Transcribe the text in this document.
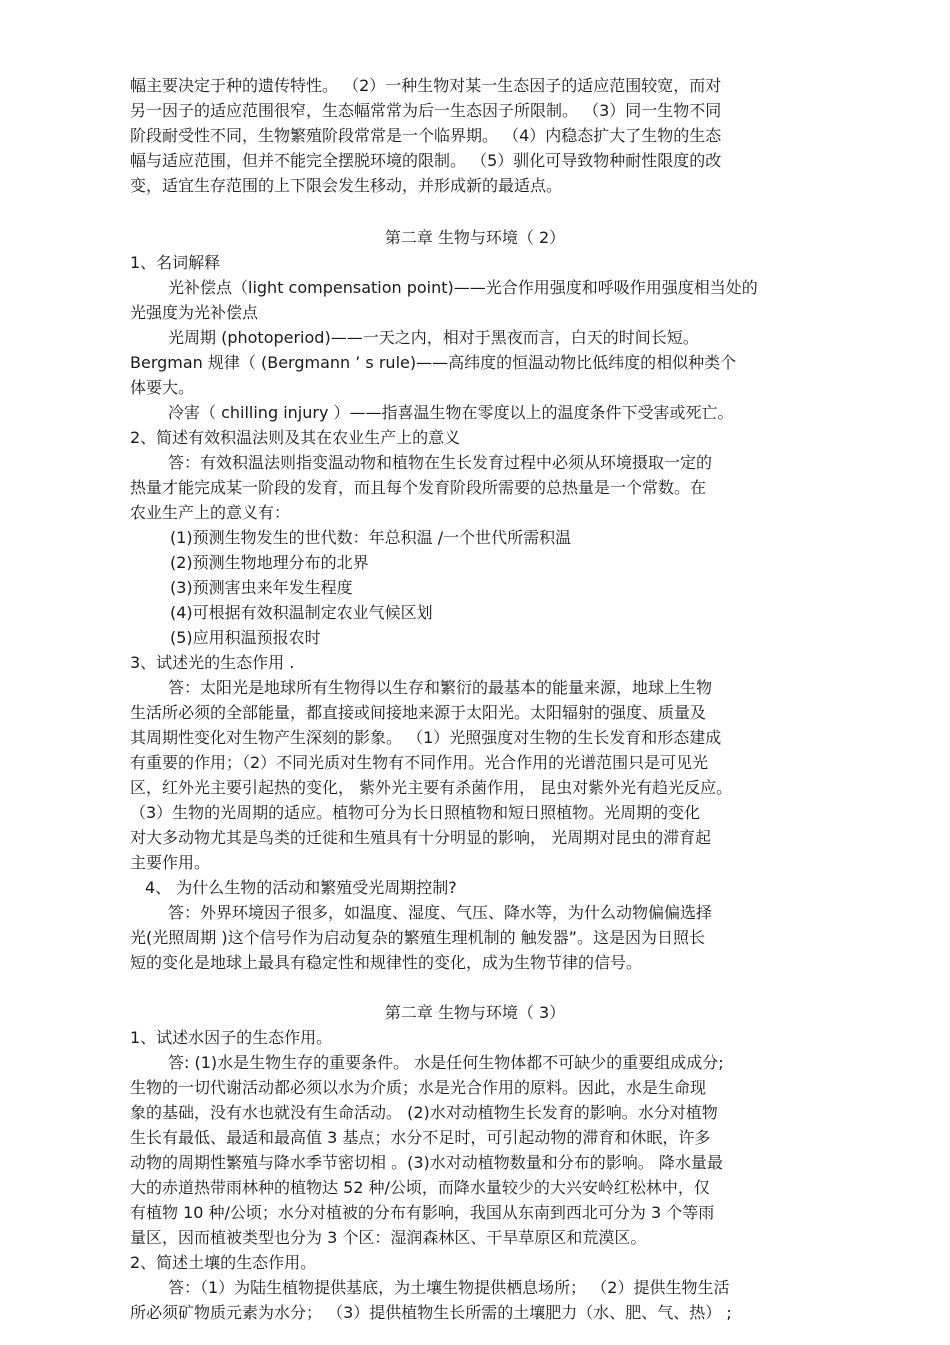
幅主要决定于种的遗传特性。 （2）一种生物对某一生态因子的适应范围较宽，而对
另一因子的适应范围很窄，生态幅常常为后一生态因子所限制。 （3）同一生物不同
阶段耐受性不同，生物繁殖阶段常常是一个临界期。 （4）内稳态扩大了生物的生态
幅与适应范围，但并不能完全摆脱环境的限制。 （5）驯化可导致物种耐性限度的改
变，适宜生存范围的上下限会发生移动，并形成新的最适点。
第二章 生物与环境（ 2）
1、名词解释
光补偿点（light compensation point)——光合作用强度和呼吸作用强度相当处的
光强度为光补偿点
光周期 (photoperiod)——一天之内，相对于黑夜而言，白天的时间长短。
Bergman 规律（ (Bergmann ’ s rule)——高纬度的恒温动物比低纬度的相似种类个
体要大。
冷害（ chilling injury ）——指喜温生物在零度以上的温度条件下受害或死亡。
2、简述有效积温法则及其在农业生产上的意义
答：有效积温法则指变温动物和植物在生长发育过程中必须从环境摄取一定的
热量才能完成某一阶段的发育，而且每个发育阶段所需要的总热量是一个常数。在
农业生产上的意义有：
(1)预测生物发生的世代数：年总积温 /一个世代所需积温
(2)预测生物地理分布的北界
(3)预测害虫来年发生程度
(4)可根据有效积温制定农业气候区划
(5)应用积温预报农时
3、试述光的生态作用 .
答：太阳光是地球所有生物得以生存和繁衍的最基本的能量来源，地球上生物
生活所必须的全部能量，都直接或间接地来源于太阳光。太阳辐射的强度、质量及
其周期性变化对生物产生深刻的影象。 （1）光照强度对生物的生长发育和形态建成
有重要的作用；（2）不同光质对生物有不同作用。光合作用的光谱范围只是可见光
区，红外光主要引起热的变化， 紫外光主要有杀菌作用， 昆虫对紫外光有趋光反应。
（3）生物的光周期的适应。植物可分为长日照植物和短日照植物。光周期的变化
对大多动物尤其是鸟类的迁徙和生殖具有十分明显的影响， 光周期对昆虫的滞育起
主要作用。
4、 为什么生物的活动和繁殖受光周期控制?
答：外界环境因子很多，如温度、湿度、气压、降水等，为什么动物偏偏选择
光(光照周期 )这个信号作为启动复杂的繁殖生理机制的 触发器”。这是因为日照长
短的变化是地球上最具有稳定性和规律性的变化，成为生物节律的信号。
第二章 生物与环境（ 3）
1、试述水因子的生态作用。
答: (1)水是生物生存的重要条件。 水是任何生物体都不可缺少的重要组成成分;
生物的一切代谢活动都必须以水为介质；水是光合作用的原料。因此，水是生命现
象的基础，没有水也就没有生命活动。 (2)水对动植物生长发育的影响。水分对植物
生长有最低、最适和最高值 3 基点；水分不足时，可引起动物的滞育和休眠，许多
动物的周期性繁殖与降水季节密切相 。(3)水对动植物数量和分布的影响。 降水量最
大的赤道热带雨林种的植物达 52 种/公顷，而降水量较少的大兴安岭红松林中，仅
有植物 10 种/公顷；水分对植被的分布有影响，我国从东南到西北可分为 3 个等雨
量区，因而植被类型也分为 3 个区：湿润森林区、干旱草原区和荒漠区。
2、简述土壤的生态作用。
答：（1）为陆生植物提供基底，为土壤生物提供栖息场所； （2）提供生物生活
所必须矿物质元素为水分； （3）提供植物生长所需的土壤肥力（水、肥、气、热） ;
